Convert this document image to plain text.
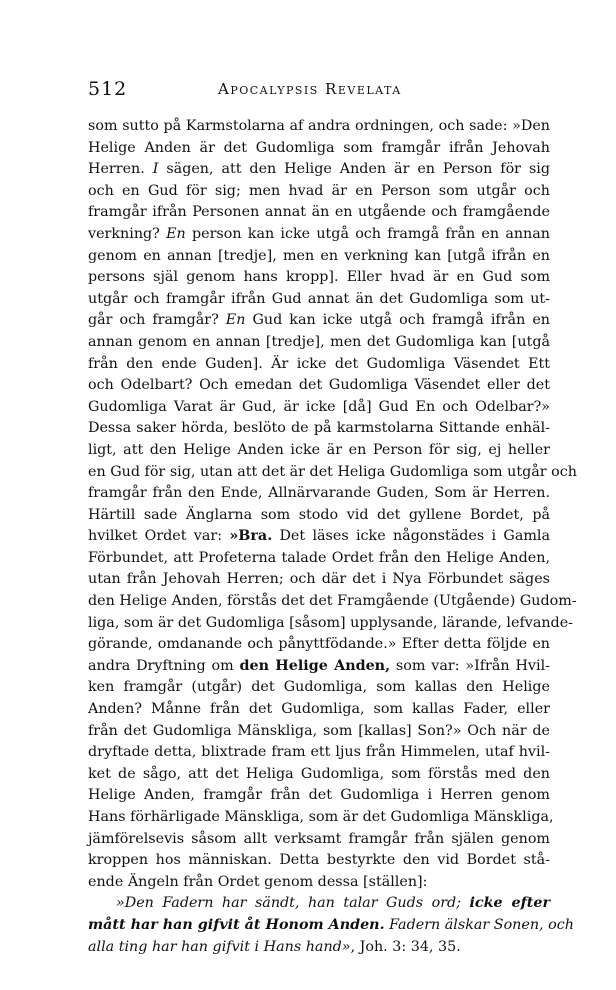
512	Apocalypsis Revelata
som sutto på Karmstolarna af andra ordningen, och sade: »Den
Helige Anden är det Gudomliga som framgår ifrån Jehovah
Herren. I sägen, att den Helige Anden är en Person för sig
och en Gud för sig; men hvad är en Person som utgår och
framgår ifrån Personen annat än en utgående och framgående
verkning? En person kan icke utgå och framgå från en annan
genom en annan [tredje], men en verkning kan [utgå ifrån en
persons själ genom hans kropp]. Eller hvad är en Gud som
utgår och framgår ifrån Gud annat än det Gudomliga som ut-
går och framgår? En Gud kan icke utgå och framgå ifrån en
annan genom en annan [tredje], men det Gudomliga kan [utgå
från den ende Guden]. Är icke det Gudomliga Väsendet Ett
och Odelbart? Och emedan det Gudomliga Väsendet eller det
Gudomliga Varat är Gud, är icke [då] Gud En och Odelbar?»
Dessa saker hörda, beslöto de på karmstolarna Sittande enhäl-
ligt, att den Helige Anden icke är en Person för sig, ej heller
en Gud för sig, utan att det är det Heliga Gudomliga som utgår och
framgår från den Ende, Allnärvarande Guden, Som är Herren.
Härtill sade Änglarna som stodo vid det gyllene Bordet, på
hvilket Ordet var: »Bra. Det läses icke någonstädes i Gamla
Förbundet, att Profeterna talade Ordet från den Helige Anden,
utan från Jehovah Herren; och där det i Nya Förbundet säges
den Helige Anden, förstås det det Framgående (Utgående) Gudom-
liga, som är det Gudomliga [såsom] upplysande, lärande, lefvande-
görande, omdanande och pånyttfödande.» Efter detta följde en
andra Dryftning om den Helige Anden, som var: »Ifrån Hvil-
ken framgår (utgår) det Gudomliga, som kallas den Helige
Anden? Månne från det Gudomliga, som kallas Fader, eller
från det Gudomliga Mänskliga, som [kallas] Son?» Och när de
dryftade detta, blixtrade fram ett ljus från Himmelen, utaf hvil-
ket de sågo, att det Heliga Gudomliga, som förstås med den
Helige Anden, framgår från det Gudomliga i Herren genom
Hans förhärligade Mänskliga, som är det Gudomliga Mänskliga,
jämförelsevis såsom allt verksamt framgår från själen genom
kroppen hos människan. Detta bestyrkte den vid Bordet stå-
ende Ängeln från Ordet genom dessa [ställen]:
»Den Fadern har sändt, han talar Guds ord; icke efter
mått har han gifvit åt Honom Anden. Fadern älskar Sonen, och
alla ting har han gifvit i Hans hand», Joh. 3: 34, 35.
